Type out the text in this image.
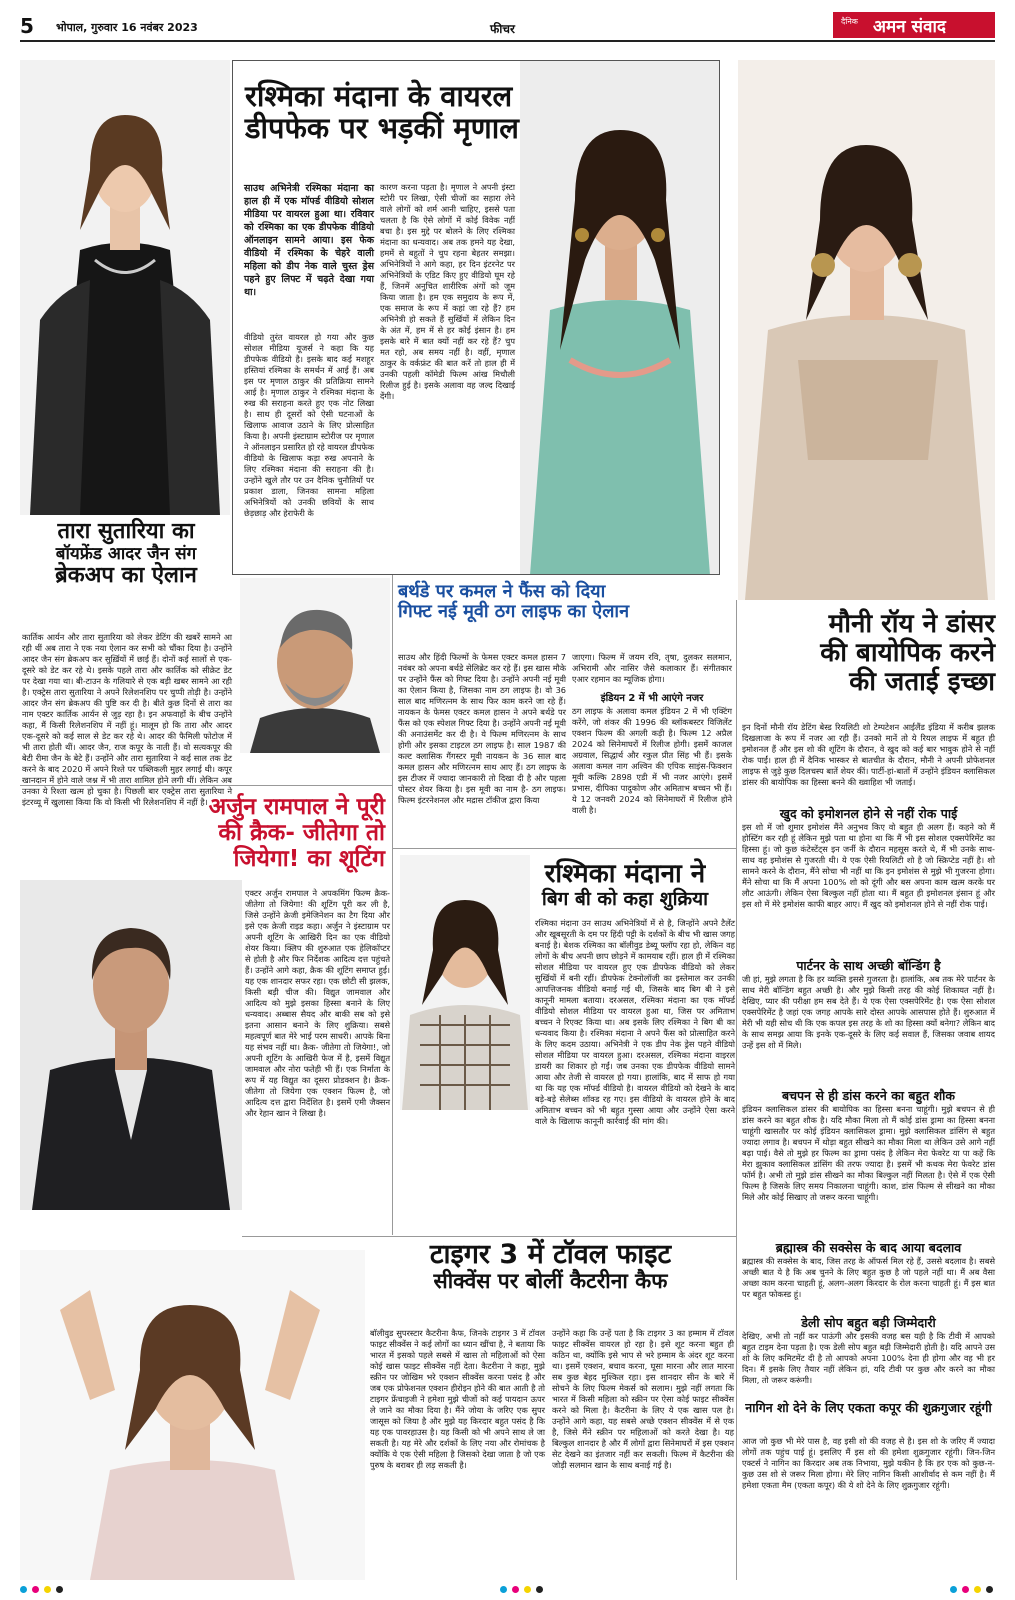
5 भोपाल, गुरुवार 16 नवंबर 2023	फीचर
दैनिक अमन संवाद
रश्मिका मंदाना के वायरल
डीपफेक पर भड़कीं मृणाल
तारा सुतारिया का
बॉयफ्रेंड आदर जैन संग
ब्रेकअप का ऐलान
मौनी रॉय ने डांसर
की बायोपिक करने
की जताई इच्छा
बर्थडे पर कमल ने फैंस को दिया
गिफ्ट नई मूवी ठग लाइफ का ऐलान
अर्जुन रामपाल ने पूरी
की क्रैक- जीतेगा तो
जियेगा! का शूटिंग
रश्मिका मंदाना ने
बिग बी को कहा शुक्रिया
टाइगर 3 में टॉवल फाइट
सीक्वेंस पर बोलीं कैटरीना कैफ
साउथ अभिनेत्री रश्मिका मंदाना का हाल ही में एक मॉर्फ्ड वीडियो सोशल मीडिया पर वायरल हुआ था। रविवार को रश्मिका का एक डीपफेक वीडियो ऑनलाइन सामने आया। इस फेक वीडियो में रश्मिका के चेहरे वाली महिला को डीप नेक वाले चुस्त ड्रेस पहने हुए लिफ्ट में चढ़ते देखा गया था।
वीडियो तुरंत वायरल हो गया और कुछ सोशल मीडिया यूजर्स ने कहा कि यह डीपफेक वीडियो है। इसके बाद कई मशहूर हस्तियां रश्मिका के समर्थन में आई हैं। अब इस पर मृणाल ठाकुर की प्रतिक्रिया सामने आई है। मृणाल ठाकुर ने रश्मिका मंदाना के रुख की सराहना करते हुए एक नोट लिखा है। साथ ही दूसरों को ऐसी घटनाओं के खिलाफ आवाज उठाने के लिए प्रोत्साहित किया है। अपनी इंस्टाग्राम स्टोरीज पर मृणाल ने ऑनलाइन प्रसारित हो रहे वायरल डीपफेक वीडियो के खिलाफ कड़ा रुख अपनाने के लिए रश्मिका मंदाना की सराहना की है। उन्होंने खुले तौर पर उन दैनिक चुनौतियों पर प्रकाश डाला, जिनका सामना महिला अभिनेत्रियों को उनकी छवियों के साथ छेड़छाड़ और हेराफेरी के
कारण करना पड़ता है। मृणाल ने अपनी इंस्टा स्टोरी पर लिखा, ऐसी चीजों का सहारा लेने वाले लोगों को शर्म आनी चाहिए, इससे पता चलता है कि ऐसे लोगों में कोई विवेक नहीं बचा है। इस मुद्दे पर बोलने के लिए रश्मिका मंदाना का धन्यवाद। अब तक हमने यह देखा, हममें से बहुतों ने चुप रहना बेहतर समझा। अभिनेत्रियों ने आगे कहा, हर दिन इंटरनेट पर अभिनेत्रियों के एडिट किए हुए वीडियो घूम रहे हैं, जिनमें अनुचित शारीरिक अंगों को जूम किया जाता है। हम एक समुदाय के रूप में, एक समाज के रूप में कहां जा रहे हैं? हम अभिनेत्री हो सकते हैं सुर्खियों में लेकिन दिन के अंत में, हम में से हर कोई इंसान है। हम इसके बारे में बात क्यों नहीं कर रहे हैं? चुप मत रहो, अब समय नहीं है। वहीं, मृणाल ठाकुर के वर्कफ्रंट की बात करें तो हाल ही में उनकी पहली कॉमेडी फिल्म आंख मिचौली रिलीज हुई है। इसके अलावा वह जल्द दिखाई देंगी।
कार्तिक आर्यन और तारा सुतारिया को लेकर डेटिंग की खबरें सामने आ रही थीं अब तारा ने एक नया ऐलान कर सभी को चौंका दिया है। उन्होंने आदर जैन संग ब्रेकअप कर सुर्ख़ियों में छाई हैं। दोनों कई सालों से एक-दूसरे को डेट कर रहे थे। इसके पहले तारा और कार्तिक को सीक्रेट डेट पर देखा गया था। बी-टाउन के गलियारे से एक बड़ी खबर सामने आ रही है। एक्ट्रेस तारा सुतारिया ने अपने रिलेशनशिप पर चुप्पी तोड़ी है। उन्होंने आदर जैन संग ब्रेकअप की पुष्टि कर दी है। बीते कुछ दिनों से तारा का नाम एक्टर कार्तिक आर्यन से जुड़ रहा है। इन अफवाहों के बीच उन्होंने कहा, मैं किसी रिलेशनशिप में नहीं हूं। मालूम हो कि तारा और आदर एक-दूसरे को कई साल से डेट कर रहे थे। आदर की फैमिली फोटोज में भी तारा होती थीं। आदर जैन, राज कपूर के नाती हैं। वो सत्यकपूर की बेटी रीमा जैन के बेटे हैं। उन्होंने और तारा सुतारिया ने कई साल तक डेट करने के बाद 2020 में अपने रिश्ते पर पब्लिकली मुहर लगाई थी। कपूर खानदान में होने वाले जश्न में भी तारा शामिल होने लगी थीं। लेकिन अब उनका ये रिश्ता खत्म हो चुका है। पिछली बार एक्ट्रेस तारा सुतारिया ने इंटरव्यू में खुलासा किया कि वो किसी भी रिलेशनशिप में नहीं है।
साउथ और हिंदी फिल्मों के फेमस एक्टर कमल हासन 7 नवंबर को अपना बर्थडे सेलिब्रेट कर रहे हैं। इस खास मौके पर उन्होंने फैंस को गिफ्ट दिया है। उन्होंने अपनी नई मूवी का ऐलान किया है, जिसका नाम ठग लाइफ है। वो 36 साल बाद मणिरत्नम के साथ फिर काम करने जा रहे हैं। नायकन के फेमस एक्टर कमल हासन ने अपने बर्थडे पर फैंस को एक स्पेशल गिफ्ट दिया है। उन्होंने अपनी नई मूवी की अनाउंसमेंट कर दी है। ये फिल्म मणिरत्नम के साथ होगी और इसका टाइटल ठग लाइफ है। साल 1987 की कल्ट क्लासिक गैंगस्टर मूवी नायकन के 36 साल बाद कमल हासन और मणिरत्नम साथ आए हैं। ठग लाइफ के इस टीजर में ज्यादा जानकारी तो दिखा दी है और पहला पोस्टर शेयर किया है। इस मूवी का नाम है- ठग लाइफ। फिल्म इंटरनेशनल और मद्रास टॉकीज द्वारा किया
जाएगा। फिल्म में जयम रवि, तृषा, दुलकर सलमान, अभिरामी और नासिर जैसे कलाकार हैं। संगीतकार एआर रहमान का म्यूजिक होगा।
इंडियन 2 में भी आएंगे नजर
ठग लाइफ के अलावा कमल इंडियन 2 में भी एक्टिंग करेंगे, जो शंकर की 1996 की ब्लॉकबस्टर विजिलेंट एक्शन फिल्म की अगली कड़ी है। फिल्म 12 अप्रैल 2024 को सिनेमाघरों में रिलीज होगी। इसमें काजल अग्रवाल, सिद्धार्थ और रकुल प्रीत सिंह भी हैं। इसके अलावा कमल नाग अश्विन की एपिक साइंस-फिक्शन मूवी कल्कि 2898 एडी में भी नजर आएंगे। इसमें प्रभास, दीपिका पादुकोण और अमिताभ बच्चन भी हैं। ये 12 जनवरी 2024 को सिनेमाघरों में रिलीज होने वाली है।
एक्टर अर्जुन रामपाल ने अपकमिंग फिल्म क्रैक- जीतेगा तो जियेगा! की शूटिंग पूरी कर ली है, जिसे उन्होंने क्रेजी इमेजिनेशन का टैग दिया और इसे एक क्रेजी राइड कहा। अर्जुन ने इंस्टाग्राम पर अपनी शूटिंग के आखिरी दिन का एक वीडियो शेयर किया। क्लिप की शुरुआत एक हेलिकॉप्टर से होती है और फिर निर्देशक आदित्य दत्त पहुंचते हैं। उन्होंने आगे कहा, क्रैक की शूटिंग समाप्त हुई। यह एक शानदार सफर रहा। एक छोटी सी झलक, किसी बड़ी चीज की। विद्युत जामवाल और आदित्य को मुझे इसका हिस्सा बनाने के लिए धन्यवाद। अब्बास सैयद और बाकी सब को इसे इतना आसान बनाने के लिए शुक्रिया। सबसे महत्वपूर्ण बात मेरे भाई परम साधरी। आपके बिना यह संभव नहीं था। क्रैक- जीतेगा तो जियेगा!, जो अपनी शूटिंग के आखिरी फेज में है, इसमें विद्युत जामवाल और नोरा फतेही भी हैं। एक निर्माता के रूप में यह विद्युत का दूसरा प्रोडक्शन है। क्रैक-जीतेगा तो जियेगा एक एक्शन फिल्म है, जो आदित्य दत्त द्वारा निर्देशित है। इसमें एमी जैक्सन और रेहान खान ने लिखा है।
रश्मिका मंदाना उन साउथ अभिनेत्रियों में से है, जिन्होंने अपने टैलेंट और खूबसूरती के दम पर हिंदी पट्टी के दर्शकों के बीच भी खास जगह बनाई है। बेशक रश्मिका का बॉलीवुड डेब्यू फ्लॉप रहा हो, लेकिन वह लोगों के बीच अपनी छाप छोड़ने में कामयाब रहीं। हाल ही में रश्मिका सोशल मीडिया पर वायरल हुए एक डीपफेक वीडियो को लेकर सुर्खियों में बनी रहीं। डीपफेक टेक्नोलॉजी का इस्तेमाल कर उनकी आपत्तिजनक वीडियो बनाई गई थी, जिसके बाद बिग बी ने इसे कानूनी मामला बताया। दरअसल, रश्मिका मंदाना का एक मॉर्फ्ड वीडियो सोशल मीडिया पर वायरल हुआ था, जिस पर अमिताभ बच्चन ने रिएक्ट किया था। अब इसके लिए रश्मिका ने बिग बी का धन्यवाद किया है। रश्मिका मंदाना ने अपने फैंस को प्रोत्साहित करने के लिए कदम उठाया। अभिनेत्री ने एक डीप नेक ड्रेस पहने वीडियो सोशल मीडिया पर वायरल हुआ। दरअसल, रश्मिका मंदाना वाइरल डायरी का शिकार हो गईं। जब उनका एक डीपफेक वीडियो सामने आया और तेजी से वायरल हो गया। हालांकि, बाद में साफ हो गया था कि यह एक मॉर्फ्ड वीडियो है। वायरल वीडियो को देखने के बाद बड़े-बड़े सेलेब्स शॉक्ड रह गए। इस वीडियो के वायरल होने के बाद अमिताभ बच्चन को भी बहुत गुस्सा आया और उन्होंने ऐसा करने वाले के खिलाफ कानूनी कार्रवाई की मांग की।
बॉलीवुड सुपरस्टार कैटरीना कैफ, जिनके टाइगर 3 में टॉवल फाइट सीक्वेंस ने कई लोगों का ध्यान खींचा है, ने बताया कि भारत में इसको पहले सबसे में खास तो महिलाओं को ऐसा कोई खास फाइट सीक्वेंस नहीं देता। कैटरीना ने कहा, मुझे स्क्रीन पर जोखिम भरे एक्शन सीक्वेंस करना पसंद है और जब एक प्रोफेशनल एक्शन हीरोइन होने की बात आती है तो टाइगर फ्रेंचाइजी ने हमेशा मुझे चीजों को कई पायदान ऊपर ले जाने का मौका दिया है। मैंने जोया के जरिए एक सुपर जासूस को जिया है और मुझे यह किरदार बहुत पसंद है कि यह एक पावरहाउस है। यह किसी को भी अपने साथ ले जा सकती है। यह मेरे और दर्शकों के लिए नया और रोमांचक है क्योंकि ये एक ऐसी महिला है जिसको देखा जाता है जो एक पुरुष के बराबर ही लड़ सकती है।
उन्होंने कहा कि उन्हें पता है कि टाइगर 3 का हम्माम में टॉवल फाइट सीक्वेंस वायरल हो रहा है। इसे शूट करना बहुत ही कठिन था, क्योंकि इसे भाप से भरे हम्माम के अंदर शूट करना था। इसमें एक्शन, बचाव करना, घूसा मारना और लात मारना सब कुछ बेहद मुश्किल रहा। इस शानदार सीन के बारे में सोचने के लिए फिल्म मेकर्स को सलाम। मुझे नहीं लगता कि भारत में किसी महिला को स्क्रीन पर ऐसा कोई फाइट सीक्वेंस करने को मिला है। कैटरीना के लिए ये एक खास पल है। उन्होंने आगे कहा, यह सबसे अच्छे एक्शन सीक्वेंस में से एक है, जिसे मैंने स्क्रीन पर महिलाओं को करते देखा है। यह बिल्कुल शानदार है और मैं लोगों द्वारा सिनेमाघरों में इस एक्शन सेट देखने का इंतजार नहीं कर सकती। फिल्म में कैटरीना की जोड़ी सलमान खान के साथ बनाई गई है।
इन दिनों मौनी रॉय डेटिंग बेस्ड रियलिटी शो टेम्पटेशन आईलैंड इंडिया में करीब झलक दिखलाजा के रूप में नजर आ रही हैं। उनको मानें तो ये रियल लाइफ में बहुत ही इमोशनल हैं और इस शो की शूटिंग के दौरान, वे खुद को कई बार भावुक होने से नहीं रोक पाईं। हाल ही में दैनिक भास्कर से बातचीत के दौरान, मौनी ने अपनी प्रोफेशनल लाइफ से जुड़े कुछ दिलचस्प बातें शेयर कीं। पार्टी-हां-बातों में उन्होंने इंडियन क्लासिकल डांसर की बायोपिक का हिस्सा बनने की ख्वाहिश भी जताई।
खुद को इमोशनल होने से नहीं रोक पाई
इस शो में जो शुमार इमोशंस मैंने अनुभव किए वो बहुत ही अलग हैं। कहने को मैं होस्टिंग कर रही हूं लेकिन मुझे पता था होना था कि मैं भी इस सोशल एक्सपेरिमेंट का हिस्सा हूं। जो कुछ कंटेस्टेंट्स इन जर्नी के दौरान महसूस करते थे, मैं भी उनके साथ-साथ वह इमोशंस से गुजरती थी। ये एक ऐसी रियलिटी शो है जो स्क्रिप्टेड नहीं है। शो सामने करने के दौरान, मैंने सोचा भी नहीं था कि इन इमोशंस से मुझे भी गुजरना होगा। मैंने सोचा था कि मैं अपना 100% शो को दूंगी और बस अपना काम खत्म करके घर लौट आऊंगी। लेकिन ऐसा बिल्कुल नहीं होता था। मैं बहुत ही इमोशनल इंसान हूं और इस शो में मेरे इमोशंस काफी बाहर आए। मैं खुद को इमोशनल होने से नहीं रोक पाई।
पार्टनर के साथ अच्छी बॉन्डिंग है
जी हां, मुझे लगता है कि हर व्यक्ति इससे गुजरता है। हालांकि, अब तक मेरे पार्टनर के साथ मेरी बॉन्डिंग बहुत अच्छी है। और मुझे किसी तरह की कोई शिकायत नहीं है। देखिए, प्यार की परीक्षा हम सब देते हैं। ये एक ऐसा एक्सपेरिमेंट है। एक ऐसा सोशल एक्सपेरिमेंट है जहां एक जगह आपके सारे दोस्त आपके आसपास होते हैं। शुरुआत में मेरी भी यही सोच थी कि एक कपल इस तरह के शो का हिस्सा क्यों बनेगा? लेकिन बाद के साथ समझ आया कि इनके एक-दूसरे के लिए कई सवाल हैं, जिसका जवाब शायद उन्हें इस शो में मिले।
बचपन से ही डांस करने का बहुत शौक
इंडियन क्लासिकल डांसर की बायोपिक का हिस्सा बनना चाहूंगी। मुझे बचपन से ही डांस करने का बहुत शौक है। यदि मौका मिला तो मैं कोई डांस ड्रामा का हिस्सा बनना चाहूंगी खासतौर पर कोई इंडियन क्लासिकल ड्रामा। मुझे क्लासिकल डांसिंग से बहुत ज्यादा लगाव है। बचपन में थोड़ा बहुत सीखने का मौका मिला था लेकिन उसे आगे नहीं बढ़ा पाई। वैसे तो मुझे हर फिल्म का ड्रामा पसंद है लेकिन मेरा फेवरेट या पा कहें कि मेरा झुकाव क्लासिकल डांसिंग की तरफ ज्यादा है। इसमें भी कथक मेरा फेवरेट डांस फॉर्म है। अभी तो मुझे डांस सीखने का मौका बिल्कुल नहीं मिलता है। ऐसे में एक ऐसी फिल्म है जिसके लिए समय निकालना चाहूंगी। काश, डांस फिल्म से सीखने का मौका मिले और कोई सिखाए तो जरूर करना चाहूंगी।
ब्रह्मास्त्र की सक्सेस के बाद आया बदलाव
ब्रह्मास्त्र की सक्सेस के बाद, जिस तरह के ऑफर्स मिल रहे हैं, उससे बदलाव है। सबसे अच्छी बात ये है कि अब चुनने के लिए बहुत कुछ है जो पहले नहीं था। मैं अब वैसा अच्छा काम करना चाहती हूं, अलग-अलग किरदार के रोल करना चाहती हूं। मैं इस बात पर बहुत फोकस्ड हूं।
डेली सोप बहुत बड़ी जिम्मेदारी
देखिए, अभी तो नहीं कर पाऊंगी और इसकी वजह बस यही है कि टीवी में आपको बहुत टाइम देना पड़ता है। एक डेली सोप बहुत बड़ी जिम्मेदारी होती है। यदि आपने उस शो के लिए कमिटमेंट दी है तो आपको अपना 100% देना ही होगा और वह भी हर दिन। मैं इसके लिए तैयार नहीं लेकिन हां, यदि टीवी पर कुछ और करने का मौका मिला, तो जरूर करूंगी।
नागिन शो देने के लिए एकता कपूर की शुक्रगुजार रहूंगी
आज जो कुछ भी मेरे पास है, वह इसी शो की वजह से है। इस शो के जरिए मैं ज्यादा लोगों तक पहुंच पाई हूं। इसलिए मैं इस शो की हमेशा शुक्रगुजार रहूंगी। जिन-जिन एक्टर्स ने नागिन का किरदार अब तक निभाया, मुझे यकीन है कि हर एक को कुछ-न-कुछ उस शो से जरूर मिला होगा। मेरे लिए नागिन किसी आशीर्वाद से कम नहीं है। मैं हमेशा एकता मैम (एकता कपूर) की ये शो देने के लिए शुक्रगुजार रहूंगी।
